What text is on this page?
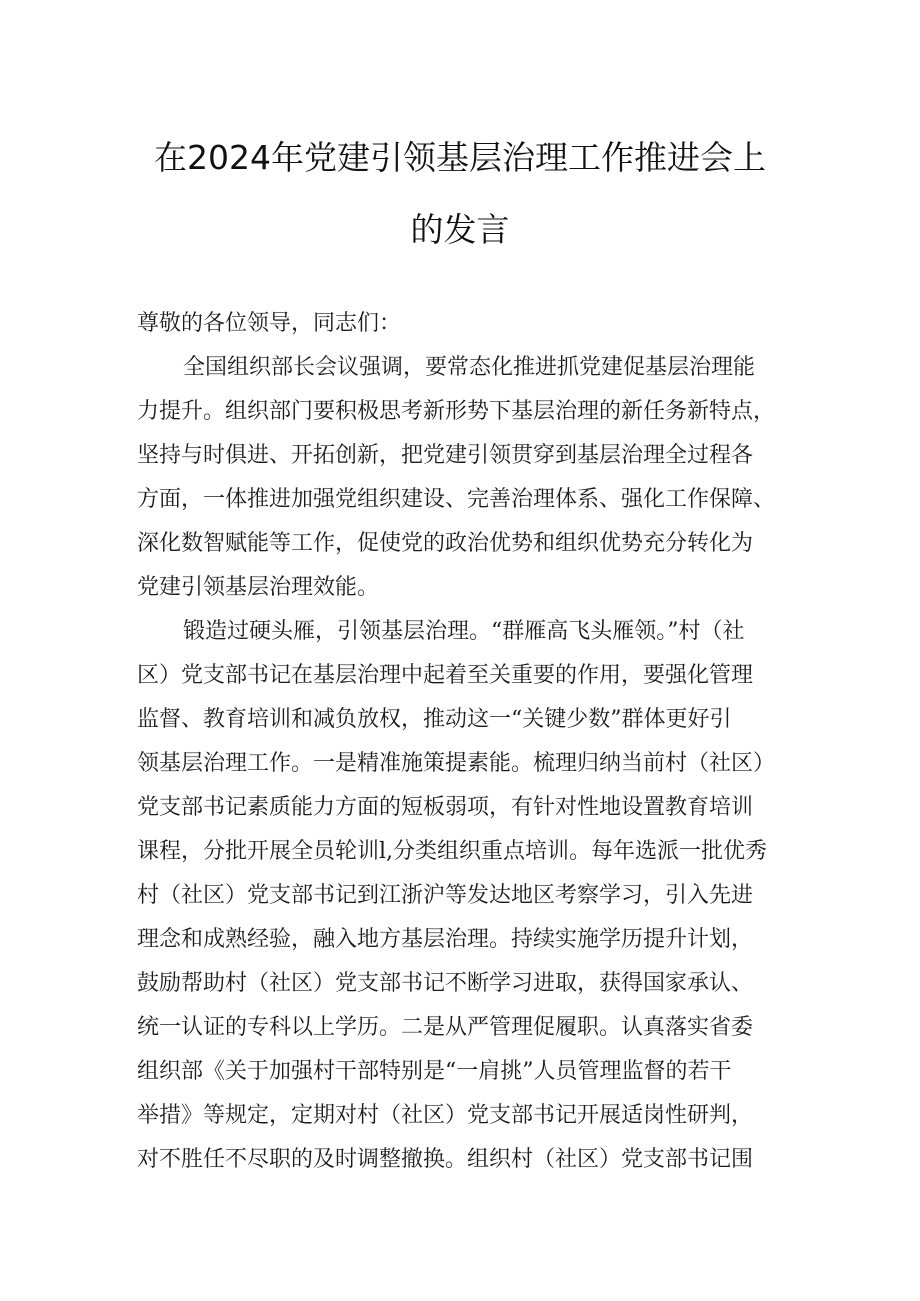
在2024年党建引领基层治理工作推进会上
的发言

尊敬的各位领导，同志们：

全国组织部长会议强调，要常态化推进抓党建促基层治理能

力提升。组织部门要积极思考新形势下基层治理的新任务新特点，

坚持与时俱进、开拓创新，把党建引领贯穿到基层治理全过程各

方面，一体推进加强党组织建设、完善治理体系、强化工作保障、

深化数智赋能等工作，促使党的政治优势和组织优势充分转化为

党建引领基层治理效能。

锻造过硬头雁，引领基层治理。“群雁高飞头雁领。”村（社

区）党支部书记在基层治理中起着至关重要的作用，要强化管理

监督、教育培训和减负放权，推动这一“关键少数”群体更好引

领基层治理工作。一是精准施策提素能。梳理归纳当前村（社区）

党支部书记素质能力方面的短板弱项，有针对性地设置教育培训

课程，分批开展全员轮训l,分类组织重点培训。每年选派一批优秀

村（社区）党支部书记到江浙沪等发达地区考察学习，引入先进

理念和成熟经验，融入地方基层治理。持续实施学历提升计划，

鼓励帮助村（社区）党支部书记不断学习进取，获得国家承认、

统一认证的专科以上学历。二是从严管理促履职。认真落实省委

组织部《关于加强村干部特别是“一肩挑”人员管理监督的若干

举措》等规定，定期对村（社区）党支部书记开展适岗性研判，

对不胜任不尽职的及时调整撤换。组织村（社区）党支部书记围
